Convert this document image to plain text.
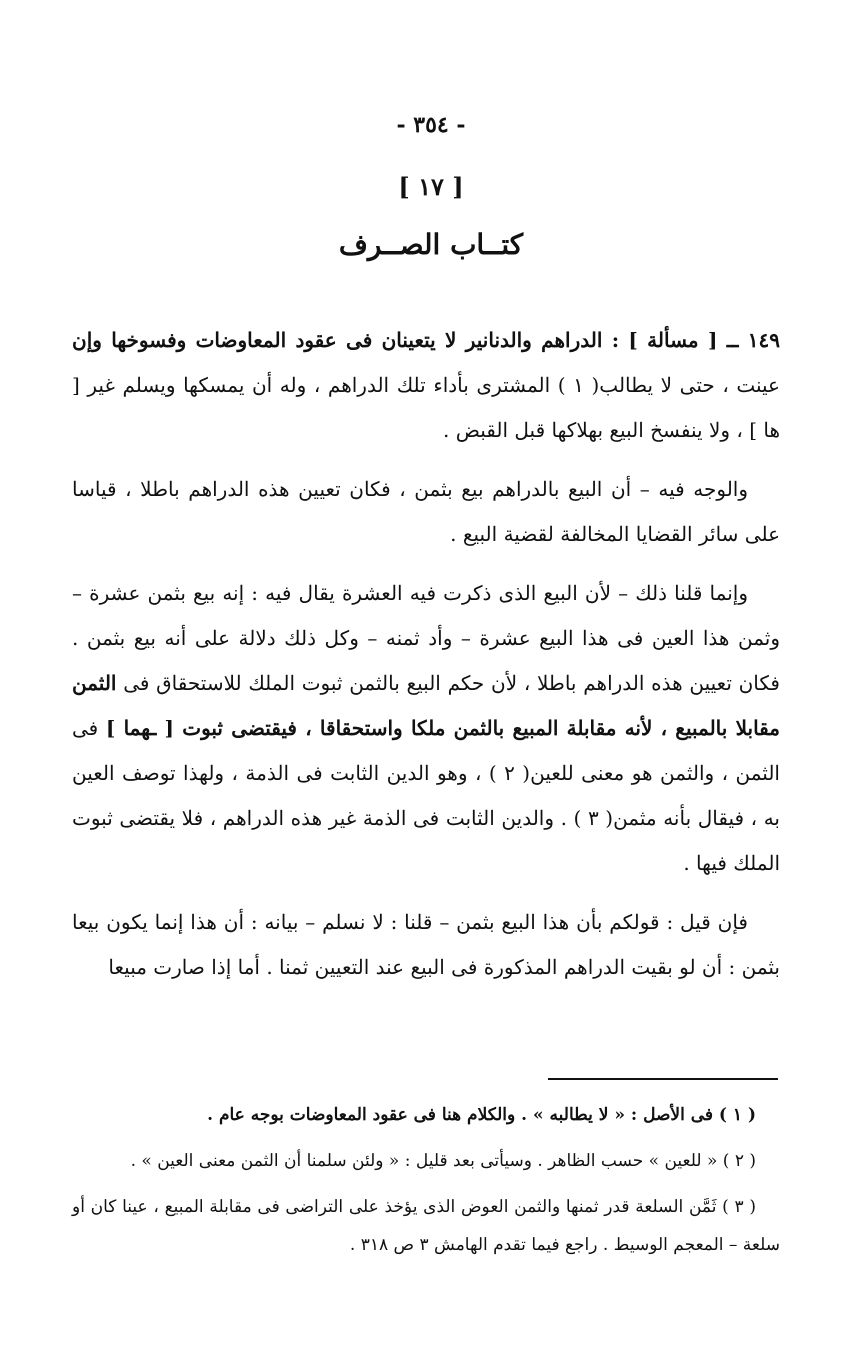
- ٣٥٤ -
[ ١٧ ]
كتــاب الصــرف

١٤٩ ــ [ مسألة ] : الدراهم والدنانير لا يتعينان فى عقود المعاوضات وفسوخها وإن عينت ، حتى لا يطالب( ١ ) المشترى بأداء تلك الدراهم ، وله أن يمسكها ويسلم غير [ ها ] ، ولا ينفسخ البيع بهلاكها قبل القبض .

والوجه فيه – أن البيع بالدراهم بيع بثمن ، فكان تعيين هذه الدراهم باطلا ، قياسا على سائر القضايا المخالفة لقضية البيع .

وإنما قلنا ذلك – لأن البيع الذى ذكرت فيه العشرة يقال فيه : إنه بيع بثمن عشرة – وثمن هذا العين فى هذا البيع عشرة – وأد ثمنه – وكل ذلك دلالة على أنه بيع بثمن . فكان تعيين هذه الدراهم باطلا ، لأن حكم البيع بالثمن ثبوت الملك للاستحقاق فى الثمن مقابلا بالمبيع ، لأنه مقابلة المبيع بالثمن ملكا واستحقاقا ، فيقتضى ثبوت [ ـهما ] فى الثمن ، والثمن هو معنى للعين( ٢ ) ، وهو الدين الثابت فى الذمة ، ولهذا توصف العين به ، فيقال بأنه مثمن( ٣ ) . والدين الثابت فى الذمة غير هذه الدراهم ، فلا يقتضى ثبوت الملك فيها .

فإن قيل : قولكم بأن هذا البيع بثمن – قلنا : لا نسلم – بيانه : أن هذا إنما يكون بيعا بثمن : أن لو بقيت الدراهم المذكورة فى البيع عند التعيين ثمنا . أما إذا صارت مبيعا

( ١ ) فى الأصل : « لا يطالبه » . والكلام هنا فى عقود المعاوضات بوجه عام .

( ٢ ) « للعين » حسب الظاهر . وسيأتى بعد قليل : « ولئن سلمنا أن الثمن معنى العين » .

( ٣ ) ثَمَّن السلعة قدر ثمنها والثمن العوض الذى يؤخذ على التراضى فى مقابلة المبيع ، عينا كان أو سلعة – المعجم الوسيط . راجع فيما تقدم الهامش ٣ ص ٣١٨ .
